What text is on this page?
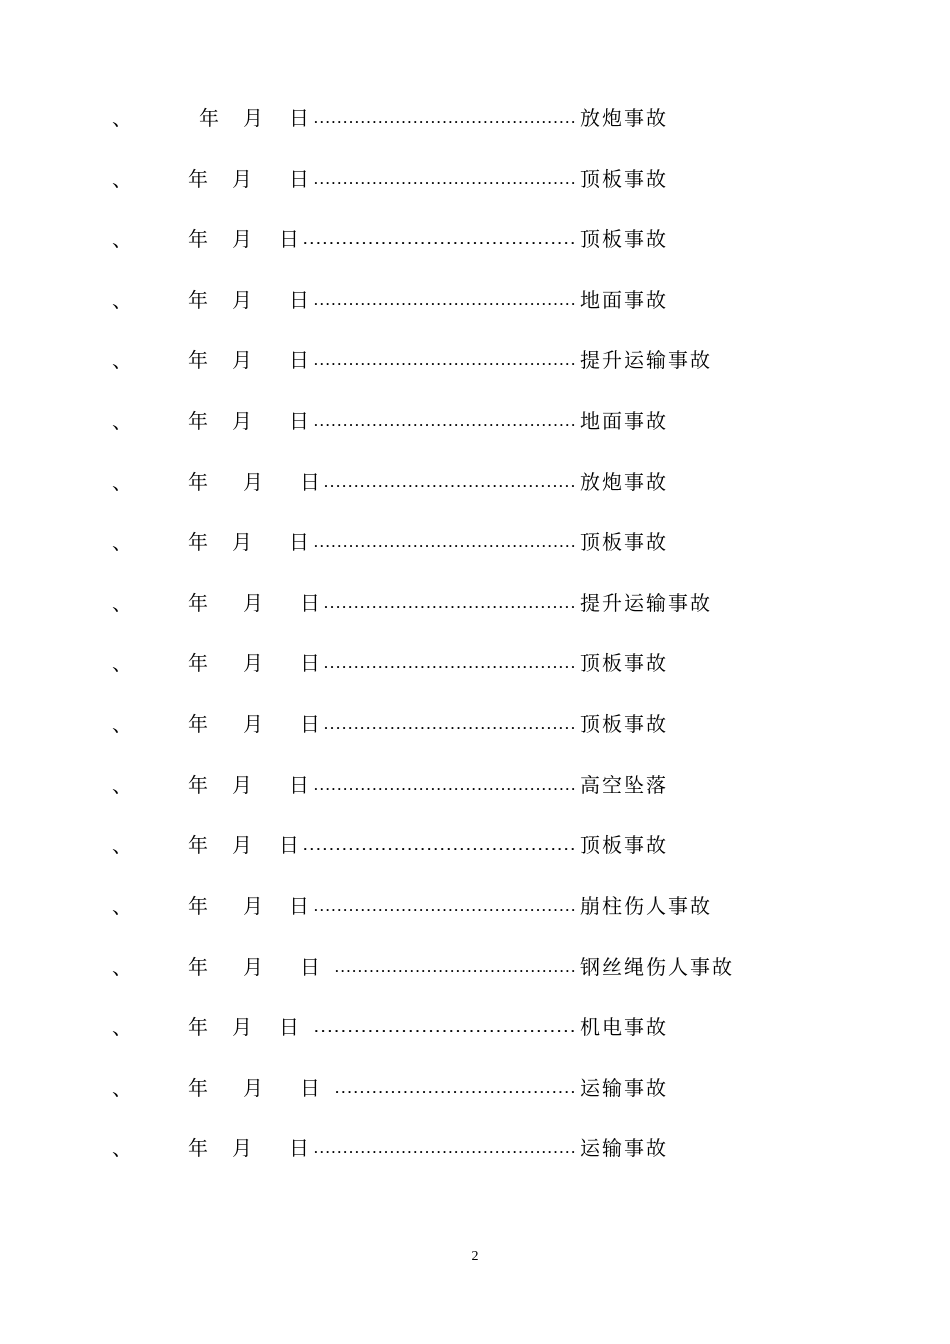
、	年 月 日 ……………………………………… 放炮事故
、	年 月 日 ……………………………………… 顶板事故
、	年 月 日 …………………………………… 顶板事故
、	年 月 日 ……………………………………… 地面事故
、	年 月 日 ……………………………………… 提升运输事故
、	年 月 日 ……………………………………… 地面事故
、	年 月 日 …………………………………… 放炮事故
、	年 月 日 ……………………………………… 顶板事故
、	年 月 日 …………………………………… 提升运输事故
、	年 月 日 …………………………………… 顶板事故
、	年 月 日 …………………………………… 顶板事故
、	年 月 日 ……………………………………… 高空坠落
、	年 月 日 …………………………………… 顶板事故
、	年 月 日 ……………………………………… 崩柱伤人事故
、	年 月 日 …………………………………… 钢丝绳伤人事故
、	年 月 日 ………………………………… 机电事故
、	年 月 日 ………………………………… 运输事故
、	年 月 日 ……………………………………… 运输事故
2
